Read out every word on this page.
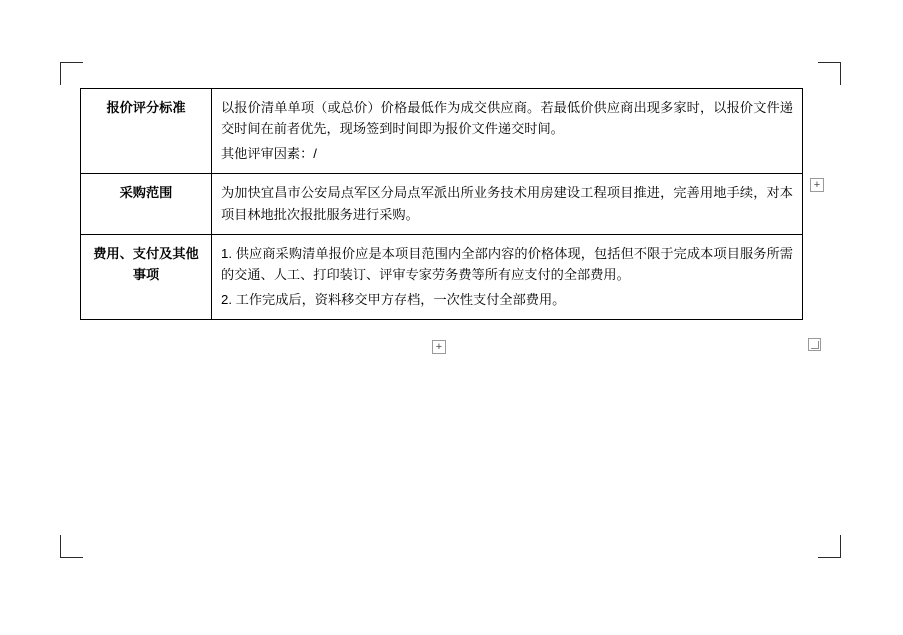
报价评分标准	以报价清单单项（或总价）价格最低作为成交供应商。若最低价供应商出现多家时，以报价文件递交时间在前者优先，现场签到时间即为报价文件递交时间。

其他评审因素：/

采购范围	为加快宜昌市公安局点军区分局点军派出所业务技术用房建设工程项目推进，完善用地手续，对本项目林地批次报批服务进行采购。

费用、支付及其他事项	1. 供应商采购清单报价应是本项目范围内全部内容的价格体现，包括但不限于完成本项目服务所需的交通、人工、打印装订、评审专家劳务费等所有应支付的全部费用。

2. 工作完成后，资料移交甲方存档，一次性支付全部费用。

+
+
